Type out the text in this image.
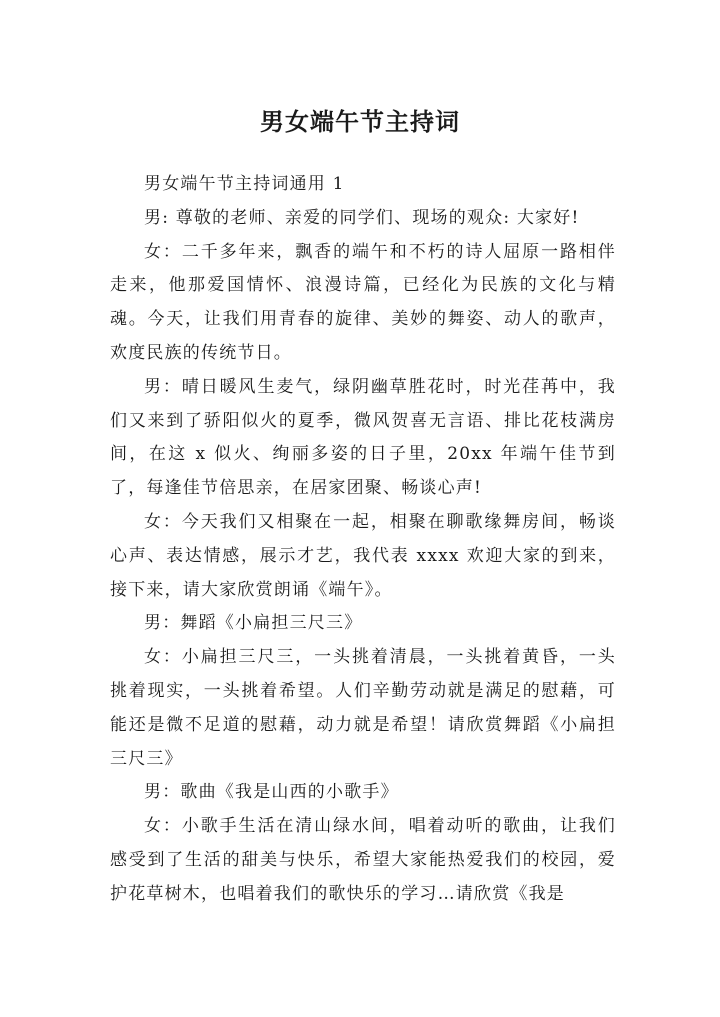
男女端午节主持词

男女端午节主持词通用 1

男: 尊敬的老师、亲爱的同学们、现场的观众: 大家好!

女：二千多年来，飘香的端午和不朽的诗人屈原一路相伴走来，他那爱国情怀、浪漫诗篇，已经化为民族的文化与精魂。今天，让我们用青春的旋律、美妙的舞姿、动人的歌声，欢度民族的传统节日。

男：晴日暖风生麦气，绿阴幽草胜花时，时光荏苒中，我们又来到了骄阳似火的夏季，微风贺喜无言语、排比花枝满房间，在这 x 似火、绚丽多姿的日子里，20xx 年端午佳节到了，每逢佳节倍思亲，在居家团聚、畅谈心声!

女：今天我们又相聚在一起，相聚在聊歌缘舞房间，畅谈心声、表达情感，展示才艺，我代表 xxxx 欢迎大家的到来，接下来，请大家欣赏朗诵《端午》。

男：舞蹈《小扁担三尺三》

女：小扁担三尺三，一头挑着清晨，一头挑着黄昏，一头挑着现实，一头挑着希望。人们辛勤劳动就是满足的慰藉，可能还是微不足道的慰藉，动力就是希望！请欣赏舞蹈《小扁担三尺三》

男：歌曲《我是山西的小歌手》

女：小歌手生活在清山绿水间，唱着动听的歌曲，让我们感受到了生活的甜美与快乐，希望大家能热爱我们的校园，爱护花草树木，也唱着我们的歌快乐的学习…请欣赏《我是
